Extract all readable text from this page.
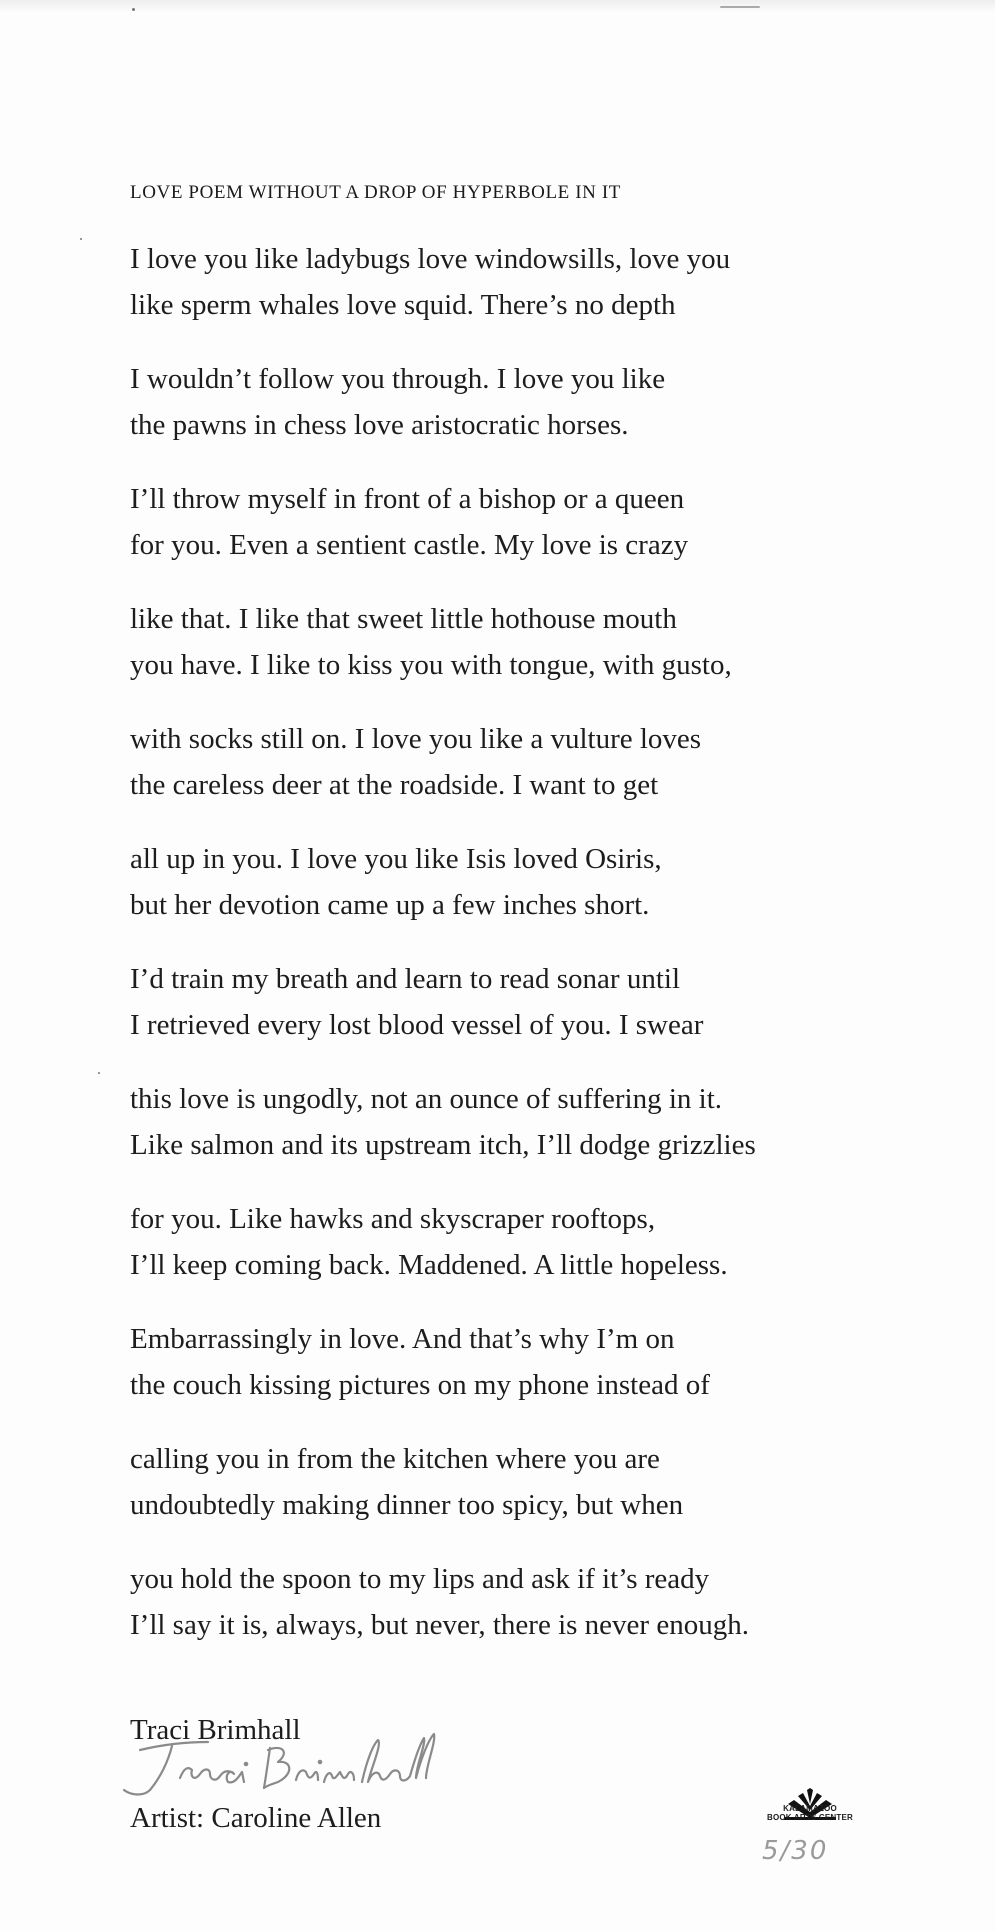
LOVE POEM WITHOUT A DROP OF HYPERBOLE IN IT
I love you like ladybugs love windowsills, love you
like sperm whales love squid. There’s no depth
I wouldn’t follow you through. I love you like
the pawns in chess love aristocratic horses.
I’ll throw myself in front of a bishop or a queen
for you. Even a sentient castle. My love is crazy
like that. I like that sweet little hothouse mouth
you have. I like to kiss you with tongue, with gusto,
with socks still on. I love you like a vulture loves
the careless deer at the roadside. I want to get
all up in you. I love you like Isis loved Osiris,
but her devotion came up a few inches short.
I’d train my breath and learn to read sonar until
I retrieved every lost blood vessel of you. I swear
this love is ungodly, not an ounce of suffering in it.
Like salmon and its upstream itch, I’ll dodge grizzlies
for you. Like hawks and skyscraper rooftops,
I’ll keep coming back. Maddened. A little hopeless.
Embarrassingly in love. And that’s why I’m on
the couch kissing pictures on my phone instead of
calling you in from the kitchen where you are
undoubtedly making dinner too spicy, but when
you hold the spoon to my lips and ask if it’s ready
I’ll say it is, always, but never, there is never enough.
Traci Brimhall
Artist: Caroline Allen	KALAMAZOO
BOOK ARTS CENTER
5/30
